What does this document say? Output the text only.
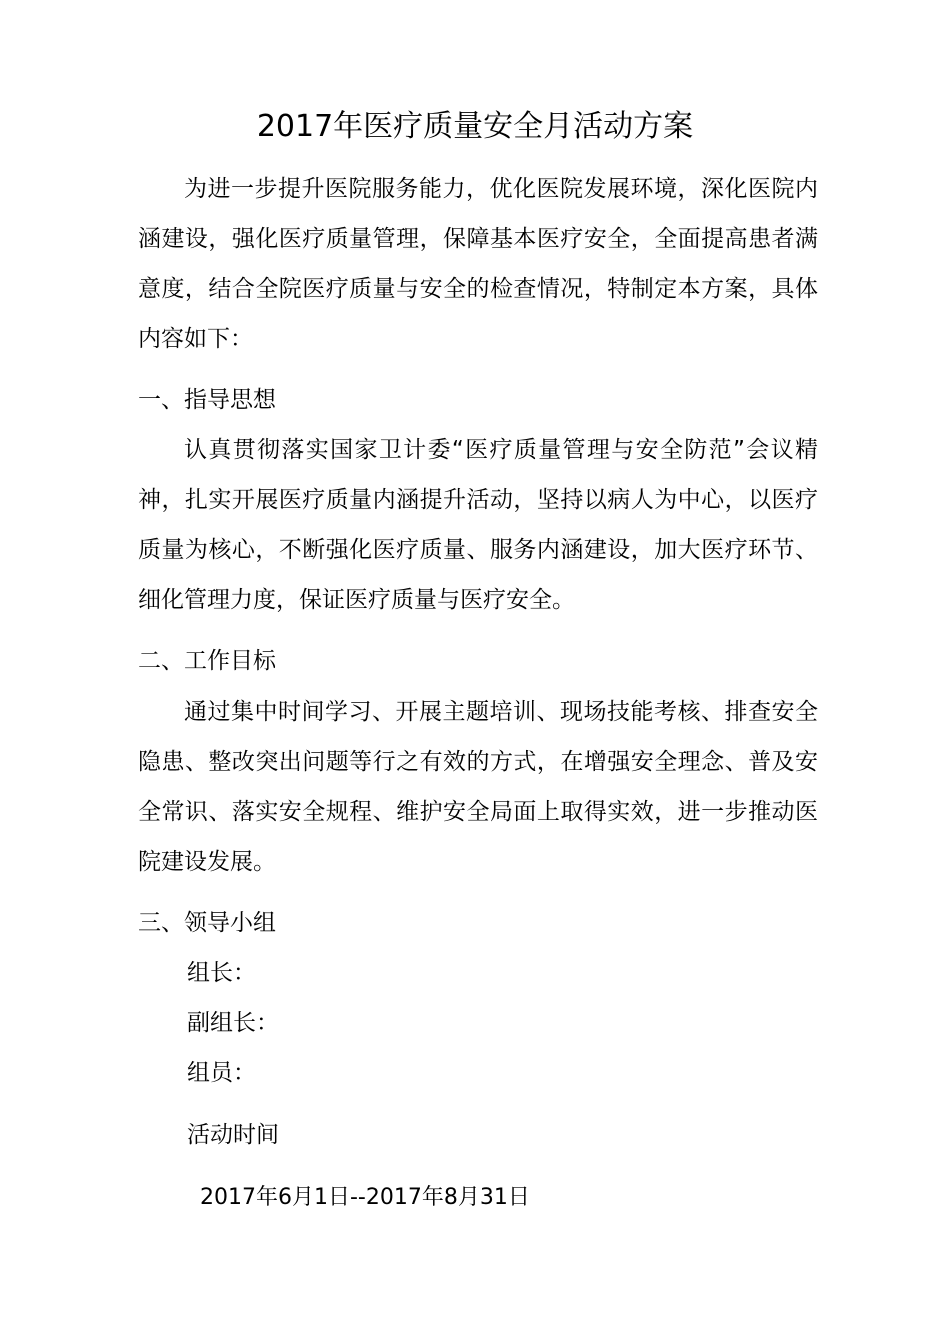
2017年医疗质量安全月活动方案

为进一步提升医院服务能力，优化医院发展环境，深化医院内涵建设，强化医疗质量管理，保障基本医疗安全，全面提高患者满意度，结合全院医疗质量与安全的检查情况，特制定本方案，具体内容如下：

一、指导思想

认真贯彻落实国家卫计委“医疗质量管理与安全防范”会议精神，扎实开展医疗质量内涵提升活动，坚持以病人为中心，以医疗质量为核心，不断强化医疗质量、服务内涵建设，加大医疗环节、细化管理力度，保证医疗质量与医疗安全。

二、工作目标

通过集中时间学习、开展主题培训、现场技能考核、排查安全隐患、整改突出问题等行之有效的方式，在增强安全理念、普及安全常识、落实安全规程、维护安全局面上取得实效，进一步推动医院建设发展。

三、领导小组
组长：
副组长：
组员：
活动时间
2017年6月1日--2017年8月31日
